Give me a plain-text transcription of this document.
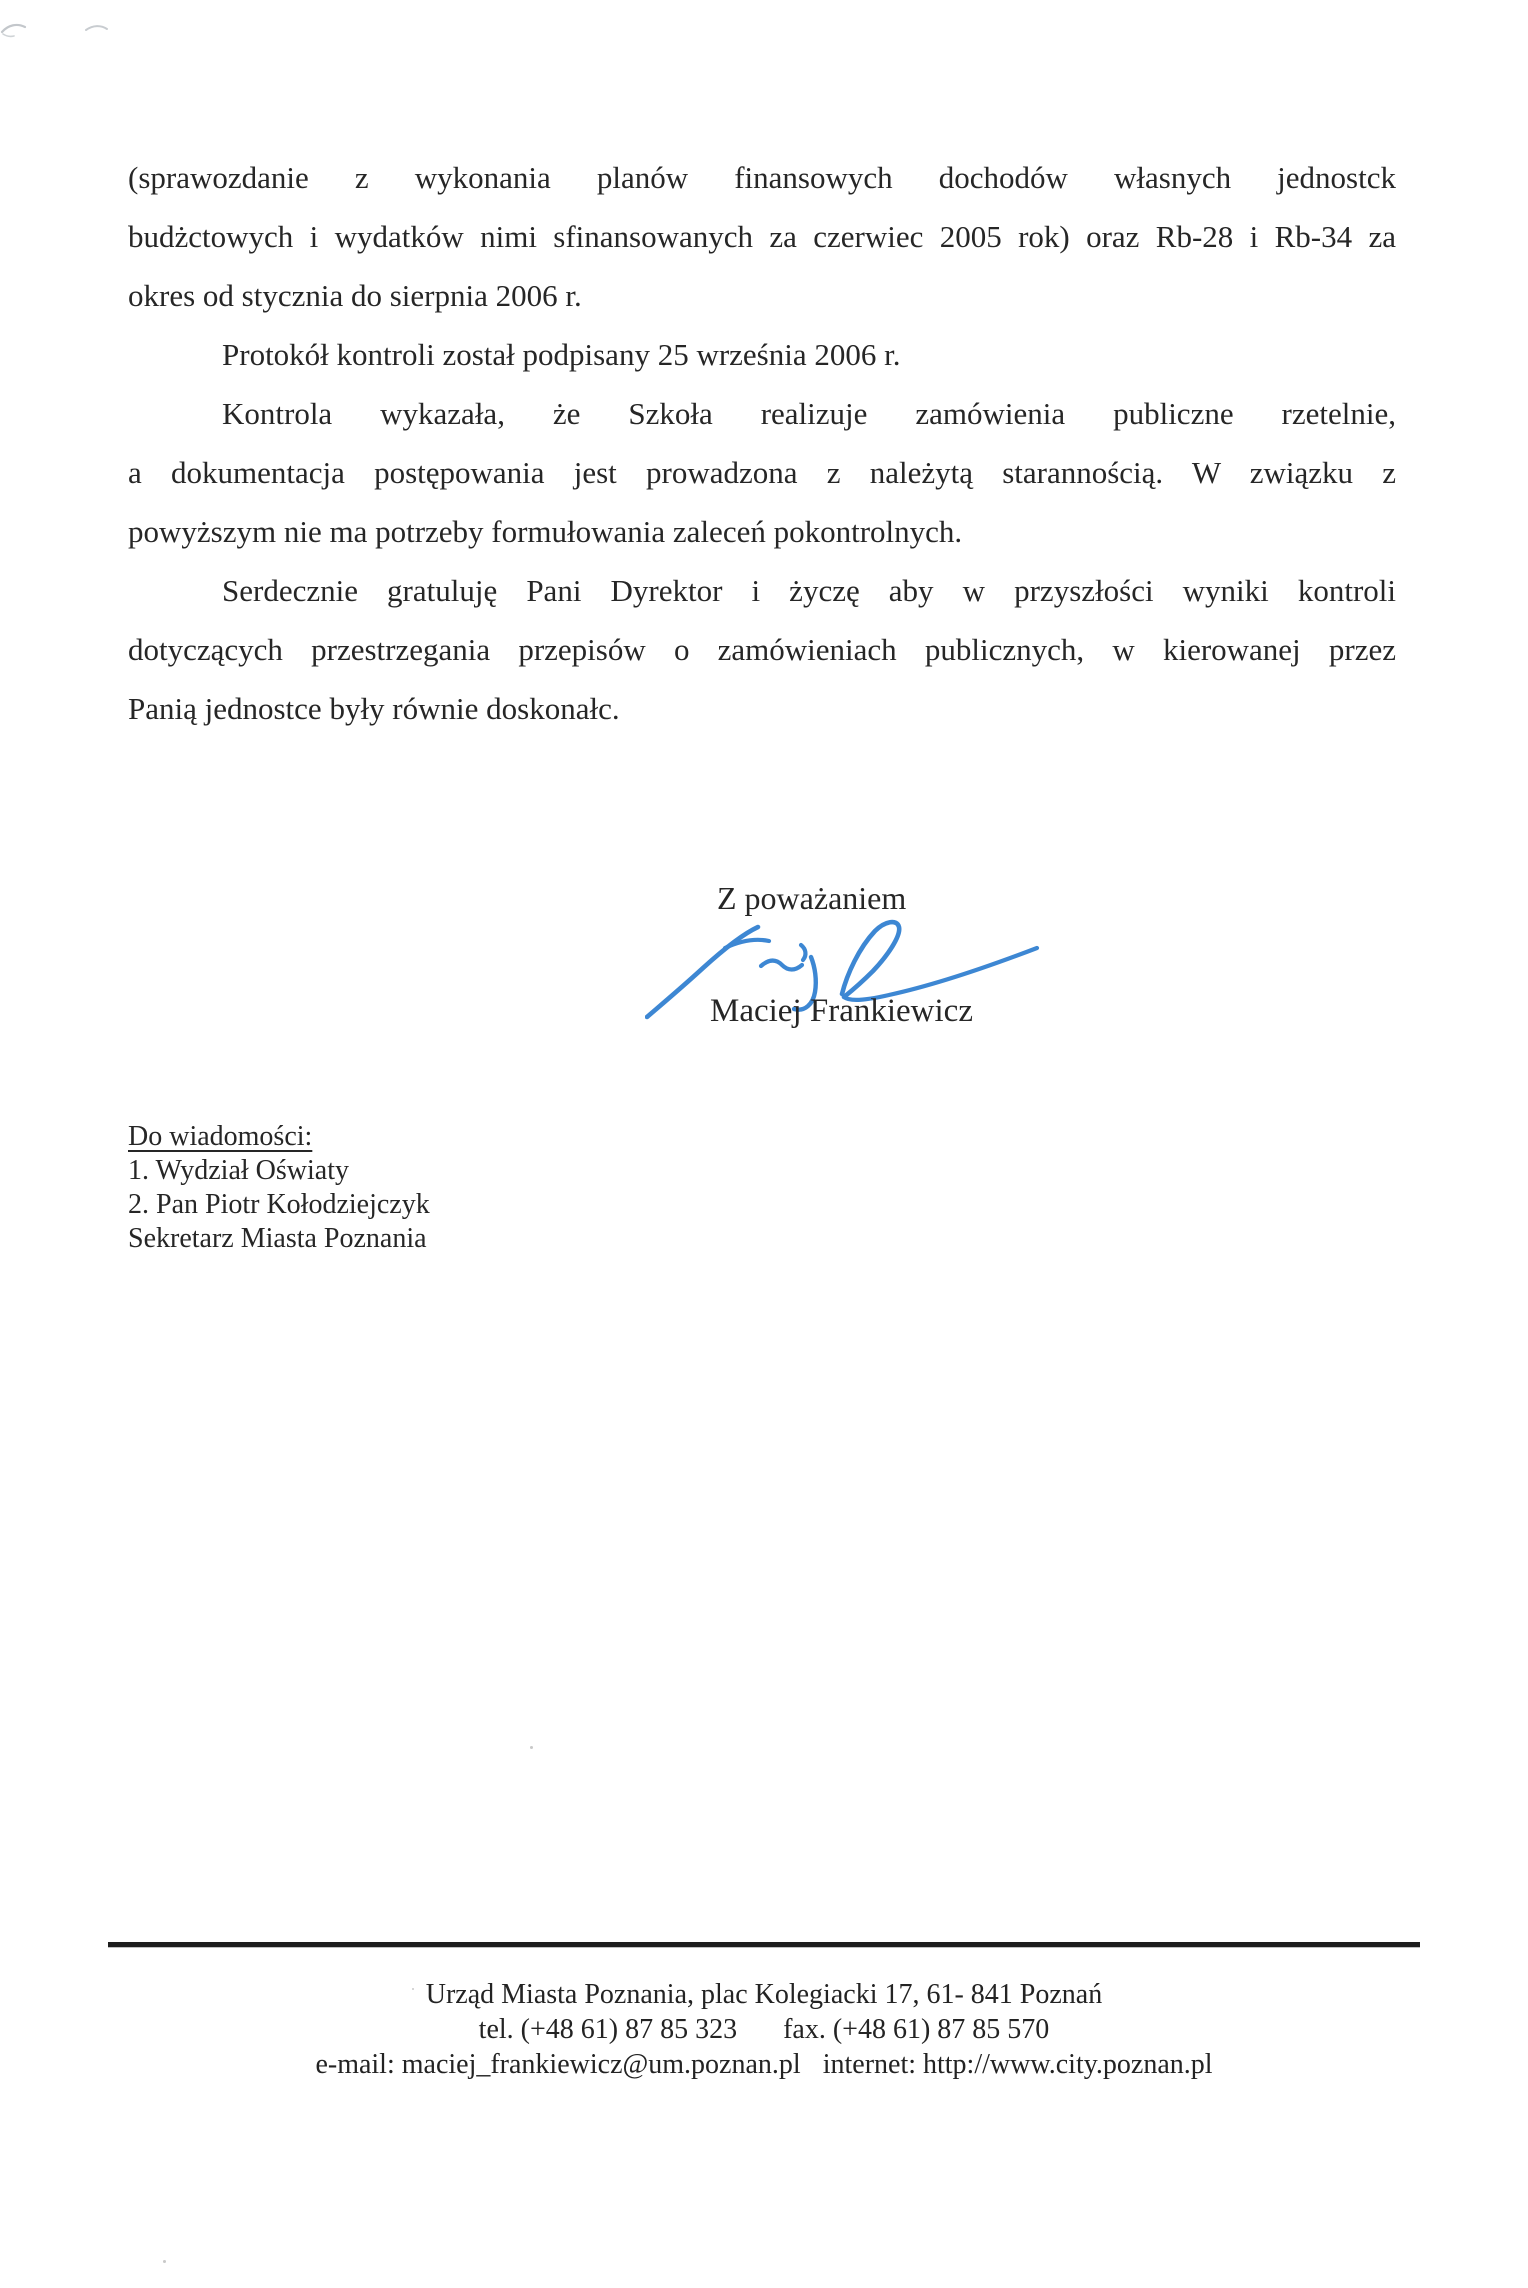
(sprawozdanie z wykonania planów finansowych dochodów własnych jednostck
budżctowych i wydatków nimi sfinansowanych za czerwiec 2005 rok) oraz Rb-28 i Rb-34 za
okres od stycznia do sierpnia 2006 r.

Protokół kontroli został podpisany 25 września 2006 r.

Kontrola wykazała, że Szkoła realizuje zamówienia publiczne rzetelnie,
a dokumentacja postępowania jest prowadzona z należytą starannością. W związku z
powyższym nie ma potrzeby formułowania zaleceń pokontrolnych.

Serdecznie gratuluję Pani Dyrektor i życzę aby w przyszłości wyniki kontroli
dotyczących przestrzegania przepisów o zamówieniach publicznych, w kierowanej przez
Panią jednostce były równie doskonałc.

Z poważaniem
Maciej Frankiewicz
Do wiadomości:
1. Wydział Oświaty
2. Pan Piotr Kołodziejczyk
Sekretarz Miasta Poznania
Urząd Miasta Poznania, plac Kolegiacki 17, 61- 841 Poznań
tel. (+48 61) 87 85 323 fax. (+48 61) 87 85 570
e-mail: maciej_frankiewicz@um.poznan.pl internet: http://www.city.poznan.pl
